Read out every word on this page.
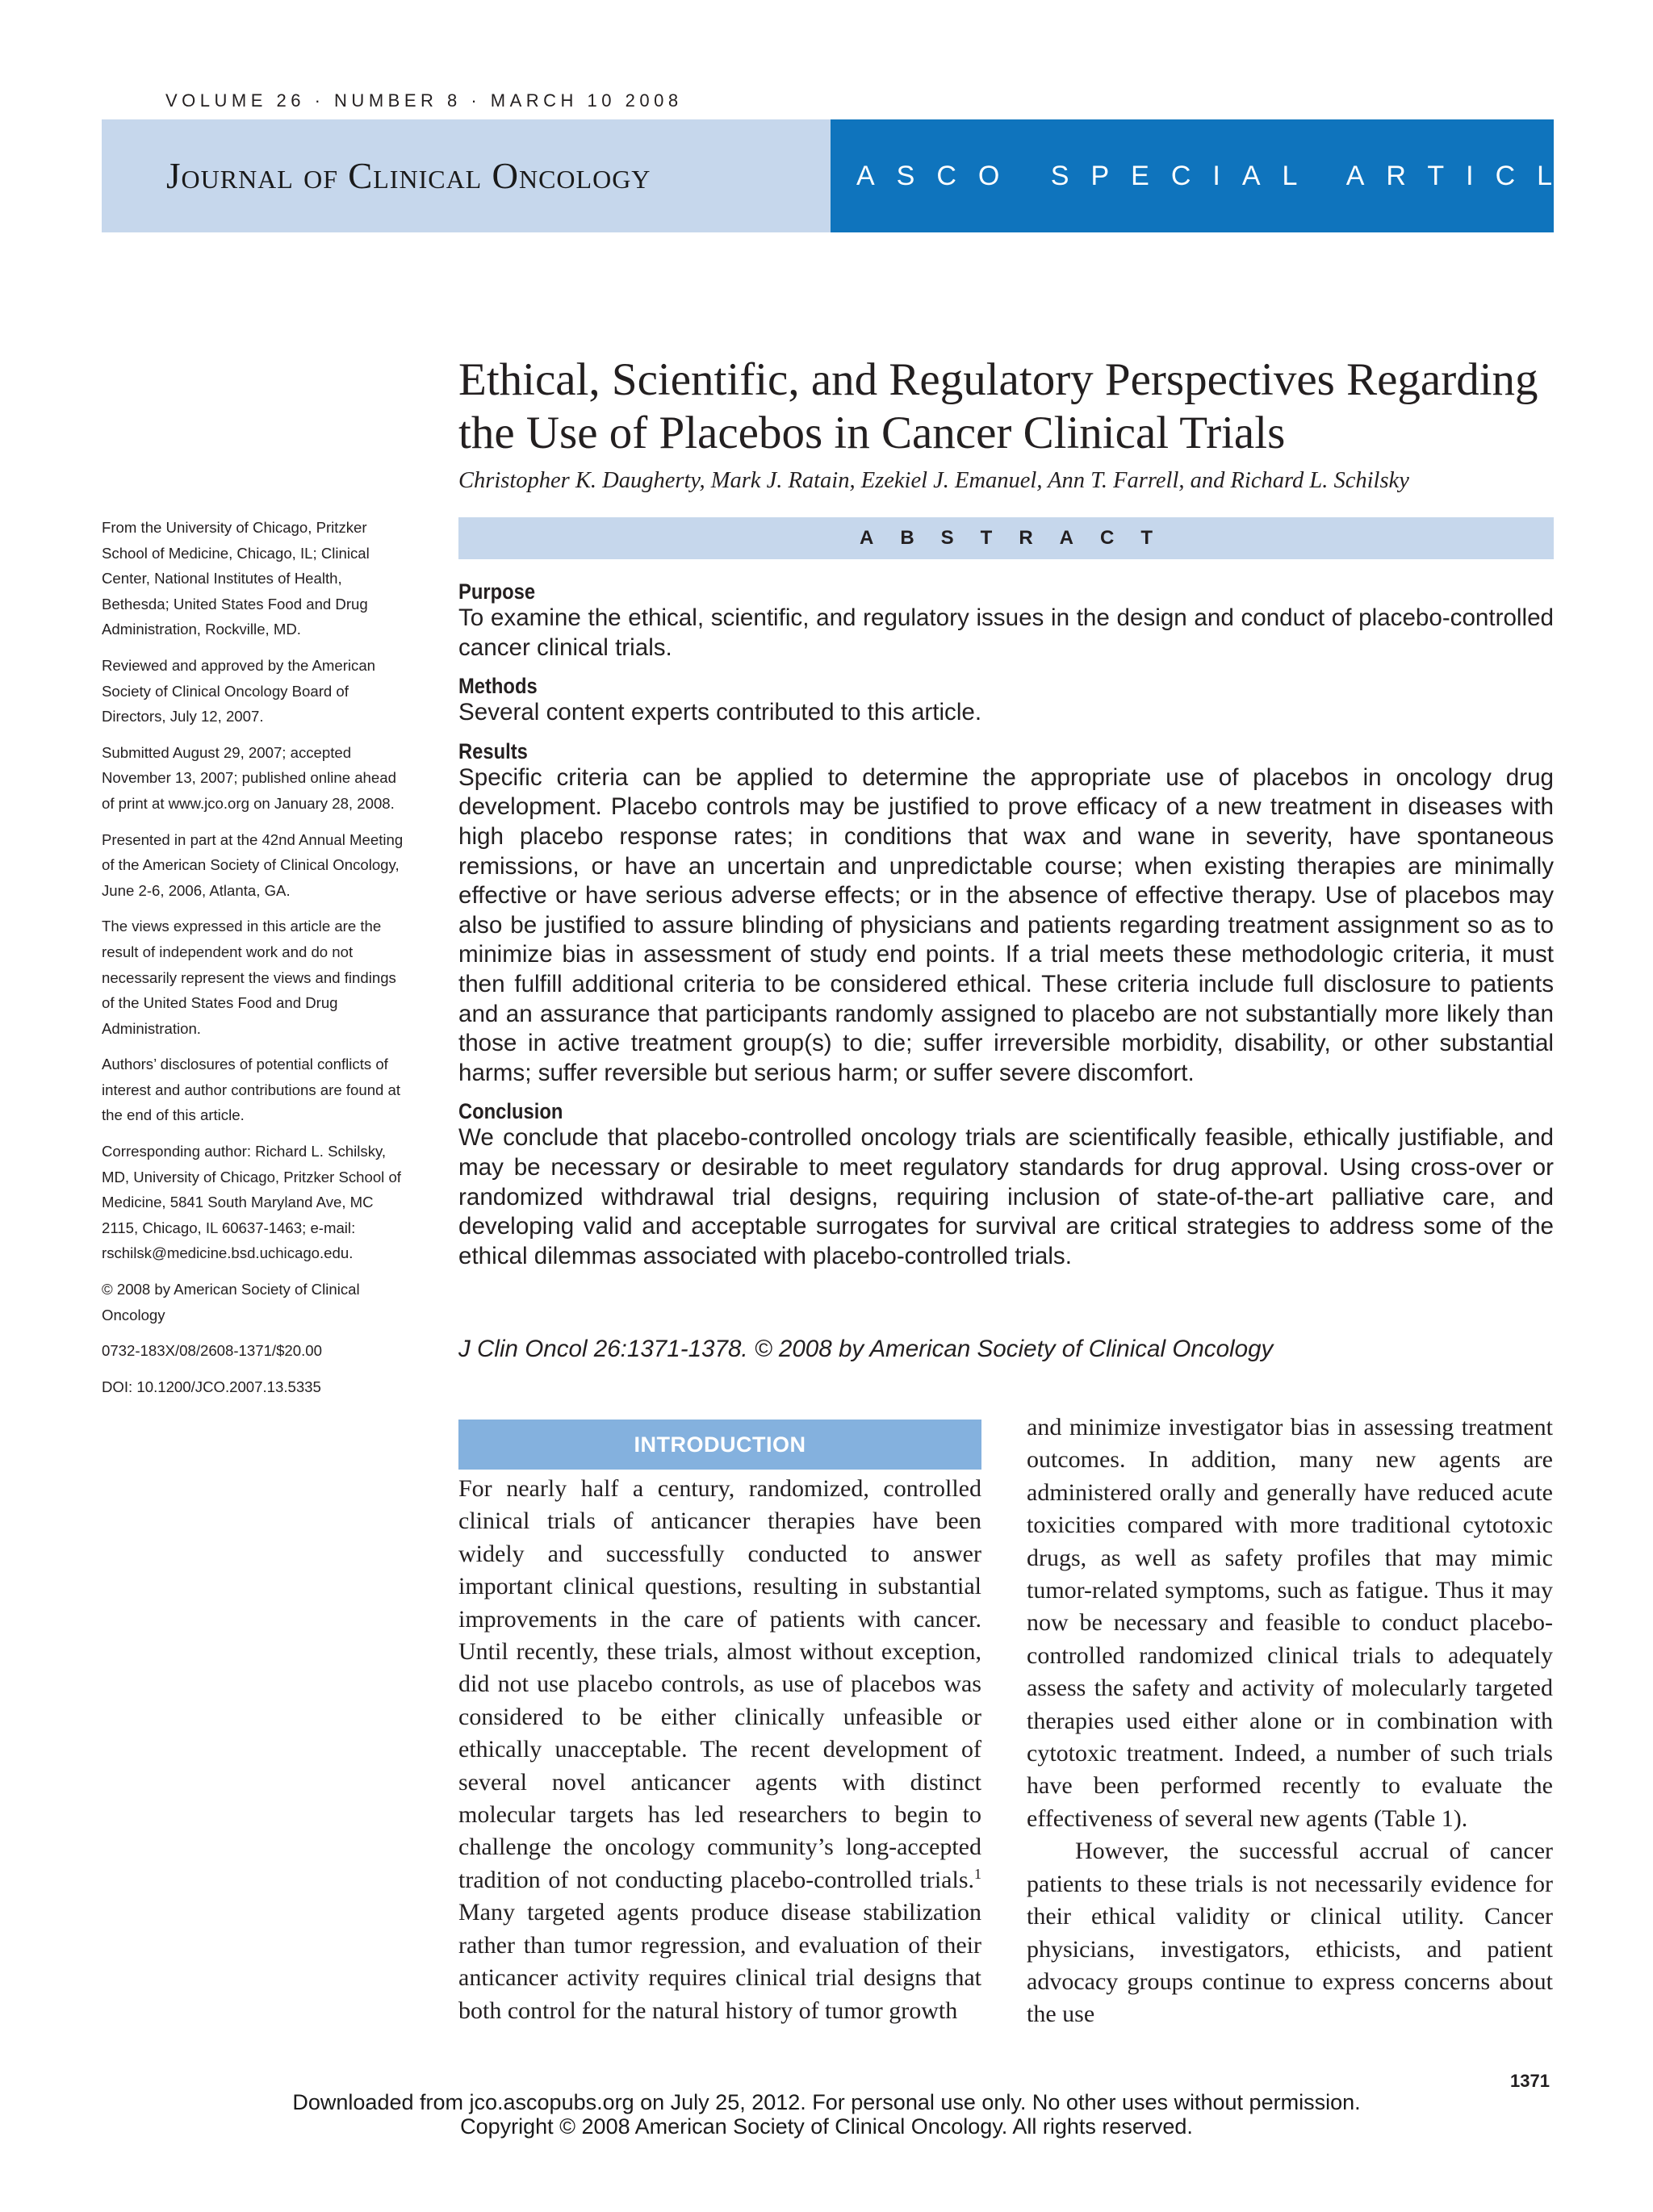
VOLUME 26 · NUMBER 8 · MARCH 10 2008
Journal of Clinical Oncology	ASCO SPECIAL ARTICLE
Ethical, Scientific, and Regulatory Perspectives Regarding the Use of Placebos in Cancer Clinical Trials
Christopher K. Daugherty, Mark J. Ratain, Ezekiel J. Emanuel, Ann T. Farrell, and Richard L. Schilsky

From the University of Chicago, Pritzker School of Medicine, Chicago, IL; Clinical Center, National Institutes of Health, Bethesda; United States Food and Drug Administration, Rockville, MD.

Reviewed and approved by the American Society of Clinical Oncology Board of Directors, July 12, 2007.

Submitted August 29, 2007; accepted November 13, 2007; published online ahead of print at www.jco.org on January 28, 2008.

Presented in part at the 42nd Annual Meeting of the American Society of Clinical Oncology, June 2-6, 2006, Atlanta, GA.

The views expressed in this article are the result of independent work and do not necessarily represent the views and findings of the United States Food and Drug Administration.

Authors’ disclosures of potential conflicts of interest and author contributions are found at the end of this article.

Corresponding author: Richard L. Schilsky, MD, University of Chicago, Pritzker School of Medicine, 5841 South Maryland Ave, MC 2115, Chicago, IL 60637-1463; e-mail: rschilsk@medicine.bsd.uchicago.edu.

© 2008 by American Society of Clinical Oncology

0732-183X/08/2608-1371/$20.00

DOI: 10.1200/JCO.2007.13.5335

ABSTRACT

Purpose

To examine the ethical, scientific, and regulatory issues in the design and conduct of placebo-controlled cancer clinical trials.

Methods

Several content experts contributed to this article.

Results

Specific criteria can be applied to determine the appropriate use of placebos in oncology drug development. Placebo controls may be justified to prove efficacy of a new treatment in diseases with high placebo response rates; in conditions that wax and wane in severity, have spontaneous remissions, or have an uncertain and unpredictable course; when existing therapies are minimally effective or have serious adverse effects; or in the absence of effective therapy. Use of placebos may also be justified to assure blinding of physicians and patients regarding treatment assignment so as to minimize bias in assessment of study end points. If a trial meets these methodologic criteria, it must then fulfill additional criteria to be considered ethical. These criteria include full disclosure to patients and an assurance that participants randomly assigned to placebo are not substantially more likely than those in active treatment group(s) to die; suffer irreversible morbidity, disability, or other substantial harms; suffer reversible but serious harm; or suffer severe discomfort.

Conclusion

We conclude that placebo-controlled oncology trials are scientifically feasible, ethically justifiable, and may be necessary or desirable to meet regulatory standards for drug approval. Using cross-over or randomized withdrawal trial designs, requiring inclusion of state-of-the-art palliative care, and developing valid and acceptable surrogates for survival are critical strategies to address some of the ethical dilemmas associated with placebo-controlled trials.

J Clin Oncol 26:1371-1378. © 2008 by American Society of Clinical Oncology
INTRODUCTION

For nearly half a century, randomized, controlled clinical trials of anticancer therapies have been widely and successfully conducted to answer important clinical questions, resulting in substantial improvements in the care of patients with cancer. Until recently, these trials, almost without exception, did not use placebo controls, as use of placebos was considered to be either clinically unfeasible or ethically unacceptable. The recent development of several novel anticancer agents with distinct molecular targets has led researchers to begin to challenge the oncology community’s long-accepted tradition of not conducting placebo-controlled trials.$^1$ Many targeted agents produce disease stabilization rather than tumor regression, and evaluation of their anticancer activity requires clinical trial designs that both control for the natural history of tumor growth

and minimize investigator bias in assessing treatment outcomes. In addition, many new agents are administered orally and generally have reduced acute toxicities compared with more traditional cytotoxic drugs, as well as safety profiles that may mimic tumor-related symptoms, such as fatigue. Thus it may now be necessary and feasible to conduct placebo-controlled randomized clinical trials to adequately assess the safety and activity of molecularly targeted therapies used either alone or in combination with cytotoxic treatment. Indeed, a number of such trials have been performed recently to evaluate the effectiveness of several new agents (Table 1).

However, the successful accrual of cancer patients to these trials is not necessarily evidence for their ethical validity or clinical utility. Cancer physicians, investigators, ethicists, and patient advocacy groups continue to express concerns about the use

1371
Downloaded from jco.ascopubs.org on July 25, 2012. For personal use only. No other uses without permission.
Copyright © 2008 American Society of Clinical Oncology. All rights reserved.
